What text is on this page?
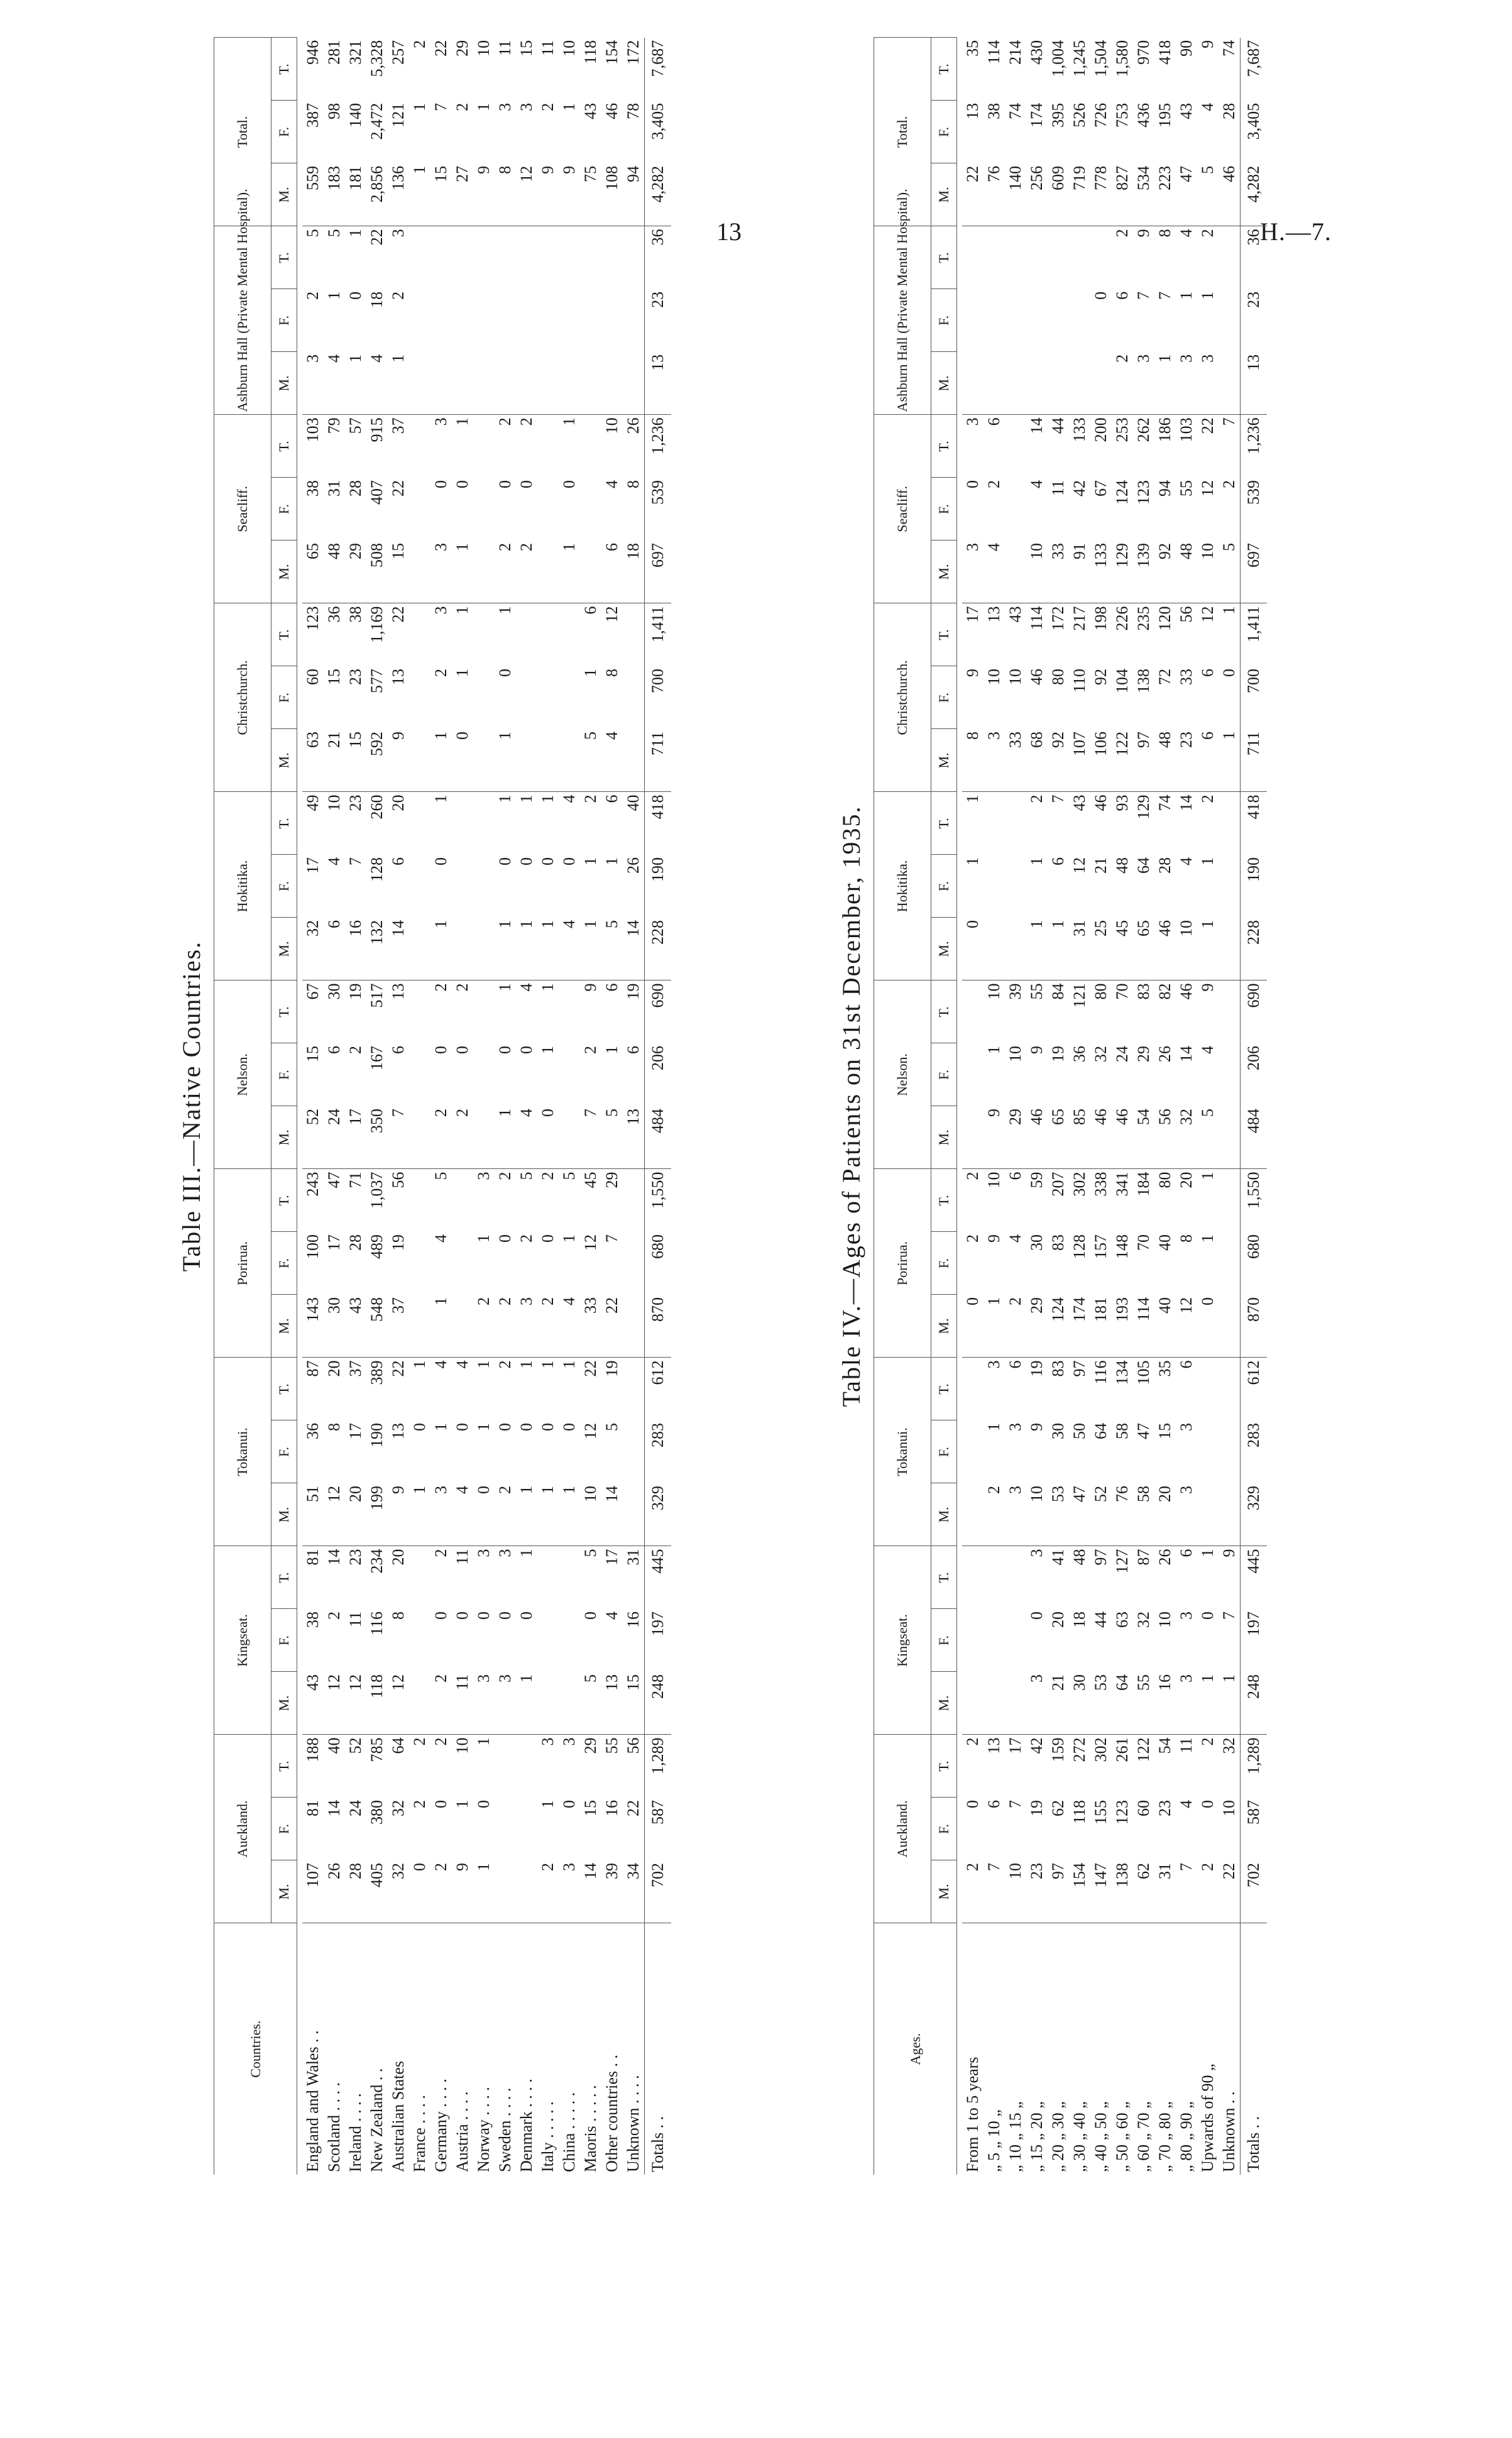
13	H.—7.
Table III.—Native Countries.
Countries.	Auckland.			Kingseat.			Tokanui.			Porirua.			Nelson.			Hokitika.			Christchurch.			Seacliff.			Ashburn Hall (Private Mental Hospital).			Total.		
	M.	F.	T.	M.	F.	T.	M.	F.	T.	M.	F.	T.	M.	F.	T.	M.	F.	T.	M.	F.	T.	M.	F.	T.	M.	F.	T.	M.	F.	T.

England and Wales . .	107	81	188	43	38	81	51	36	87	143	100	243	52	15	67	32	17	49	63	60	123	65	38	103	3	2	5	559	387	946
Scotland . . . .	26	14	40	12	2	14	12	8	20	30	17	47	24	6	30	6	4	10	21	15	36	48	31	79	4	1	5	183	98	281
Ireland . . . .	28	24	52	12	11	23	20	17	37	43	28	71	17	2	19	16	7	23	15	23	38	29	28	57	1	0	1	181	140	321
New Zealand . .	405	380	785	118	116	234	199	190	389	548	489	1,037	350	167	517	132	128	260	592	577	1,169	508	407	915	4	18	22	2,856	2,472	5,328
Australian States	32	32	64	12	8	20	9	13	22	37	19	56	7	6	13	14	6	20	9	13	22	15	22	37	1	2	3	136	121	257
France . . . .	0	2	2				1	0	1																			1	1	2
Germany . . . .	2	0	2	2	0	2	3	1	4	1	4	5	2	0	2	1	0	1	1	2	3	3	0	3				15	7	22
Austria . . . .	9	1	10	11	0	11	4	0	4				2	0	2				0	1	1	1	0	1				27	2	29
Norway . . . .	1	0	1	3	0	3	0	1	1	2	1	3																9	1	10
Sweden . . . .				3	0	3	2	0	2	2	0	2	1	0	1	1	0	1	1	0	1	2	0	2				8	3	11
Denmark . . . .				1	0	1	1	0	1	3	2	5	4	0	4	1	0	1				2	0	2				12	3	15
Italy . . . . .	2	1	3				1	0	1	2	0	2	0	1	1	1	0	1										9	2	11
China . . . . .	3	0	3				1	0	1	4	1	5				4	0	4				1	0	1				9	1	10
Maoris . . . . .	14	15	29	5	0	5	10	12	22	33	12	45	7	2	9	1	1	2	5	1	6							75	43	118
Other countries . .	39	16	55	13	4	17	14	5	19	22	7	29	5	1	6	5	1	6	4	8	12	6	4	10				108	46	154
Unknown . . . .	34	22	56	15	16	31							13	6	19	14	26	40				18	8	26				94	78	172
Totals . .	702	587	1,289	248	197	445	329	283	612	870	680	1,550	484	206	690	228	190	418	711	700	1,411	697	539	1,236	13	23	36	4,282	3,405	7,687
Table IV.—Ages of Patients on 31st December, 1935.
Ages.	Auckland.			Kingseat.			Tokanui.			Porirua.			Nelson.			Hokitika.			Christchurch.			Seacliff.			Ashburn Hall (Private Mental Hospital).			Total.		
	M.	F.	T.	M.	F.	T.	M.	F.	T.	M.	F.	T.	M.	F.	T.	M.	F.	T.	M.	F.	T.	M.	F.	T.	M.	F.	T.	M.	F.	T.

From 1 to 5 years	2	0	2							0	2	2				0	1	1	8	9	17	3	0	3				22	13	35
„ 5 „ 10 „	7	6	13				2	1	3	1	9	10	9	1	10				3	10	13	4	2	6				76	38	114
„ 10 „ 15 „	10	7	17				3	3	6	2	4	6	29	10	39				33	10	43							140	74	214
„ 15 „ 20 „	23	19	42	3	0	3	10	9	19	29	30	59	46	9	55	1	1	2	68	46	114	10	4	14				256	174	430
„ 20 „ 30 „	97	62	159	21	20	41	53	30	83	124	83	207	65	19	84	1	6	7	92	80	172	33	11	44				609	395	1,004
„ 30 „ 40 „	154	118	272	30	18	48	47	50	97	174	128	302	85	36	121	31	12	43	107	110	217	91	42	133				719	526	1,245
„ 40 „ 50 „	147	155	302	53	44	97	52	64	116	181	157	338	46	32	80	25	21	46	106	92	198	133	67	200		0		778	726	1,504
„ 50 „ 60 „	138	123	261	64	63	127	76	58	134	193	148	341	46	24	70	45	48	93	122	104	226	129	124	253	2	6	2	827	753	1,580
„ 60 „ 70 „	62	60	122	55	32	87	58	47	105	114	70	184	54	29	83	65	64	129	97	138	235	139	123	262	3	7	9	534	436	970
„ 70 „ 80 „	31	23	54	16	10	26	20	15	35	40	40	80	56	26	82	46	28	74	48	72	120	92	94	186	1	7	8	223	195	418
„ 80 „ 90 „	7	4	11	3	3	6	3	3	6	12	8	20	32	14	46	10	4	14	23	33	56	48	55	103	3	1	4	47	43	90
Upwards of 90 „	2	0	2	1	0	1				0	1	1	5	4	9	1	1	2	6	6	12	10	12	22	3	1	2	5	4	9
Unknown . .	22	10	32	1	7	9													1	0	1	5	2	7				46	28	74
Totals . .	702	587	1,289	248	197	445	329	283	612	870	680	1,550	484	206	690	228	190	418	711	700	1,411	697	539	1,236	13	23	36	4,282	3,405	7,687
